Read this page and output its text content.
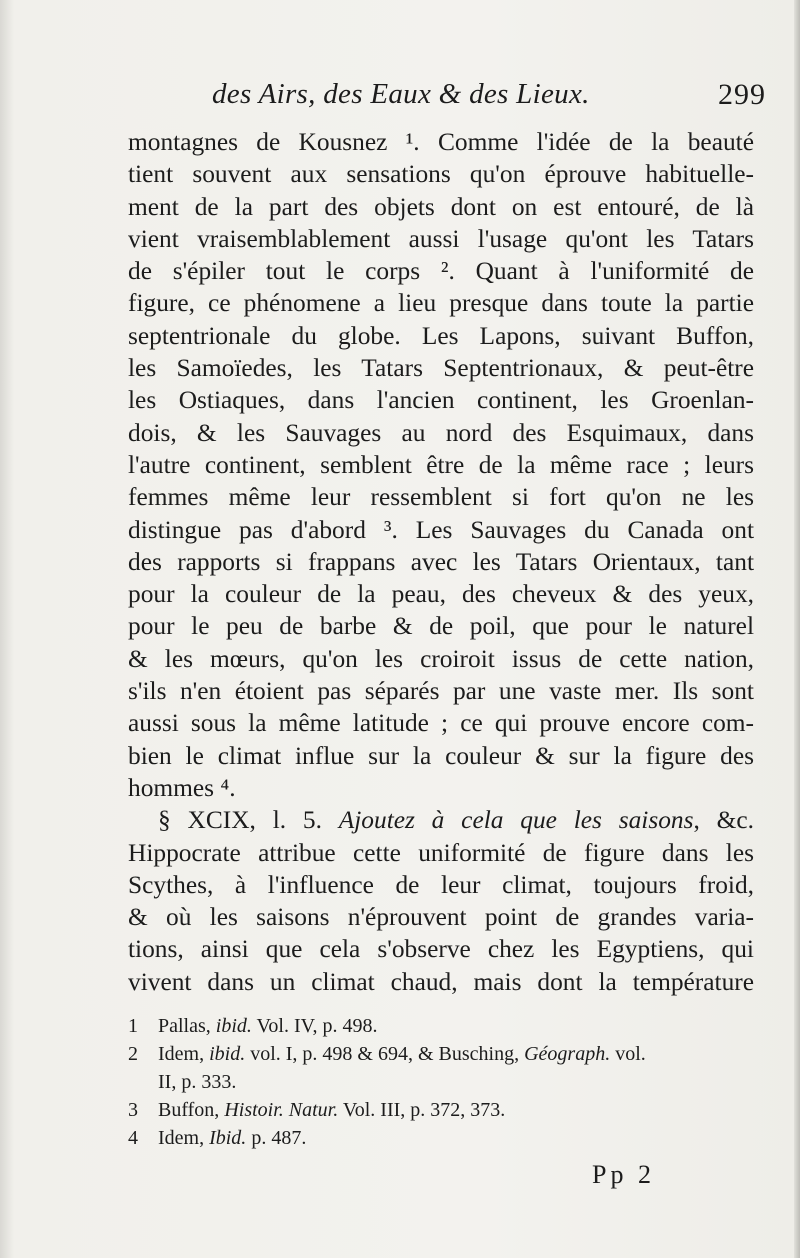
des Airs, des Eaux & des Lieux.	299
montagnes de Kousnez ¹. Comme l'idée de la beauté
tient souvent aux sensations qu'on éprouve habituelle-
ment de la part des objets dont on est entouré, de là
vient vraisemblablement aussi l'usage qu'ont les Tatars
de s'épiler tout le corps ². Quant à l'uniformité de
figure, ce phénomene a lieu presque dans toute la partie
septentrionale du globe. Les Lapons, suivant Buffon,
les Samoïedes, les Tatars Septentrionaux, & peut-être
les Ostiaques, dans l'ancien continent, les Groenlan-
dois, & les Sauvages au nord des Esquimaux, dans
l'autre continent, semblent être de la même race ; leurs
femmes même leur ressemblent si fort qu'on ne les
distingue pas d'abord ³. Les Sauvages du Canada ont
des rapports si frappans avec les Tatars Orientaux, tant
pour la couleur de la peau, des cheveux & des yeux,
pour le peu de barbe & de poil, que pour le naturel
& les mœurs, qu'on les croiroit issus de cette nation,
s'ils n'en étoient pas séparés par une vaste mer. Ils sont
aussi sous la même latitude ; ce qui prouve encore com-
bien le climat influe sur la couleur & sur la figure des
hommes ⁴.
§ XCIX, l. 5. Ajoutez à cela que les saisons, &c.
Hippocrate attribue cette uniformité de figure dans les
Scythes, à l'influence de leur climat, toujours froid,
& où les saisons n'éprouvent point de grandes varia-
tions, ainsi que cela s'observe chez les Egyptiens, qui
vivent dans un climat chaud, mais dont la température
1 Pallas, ibid. Vol. IV, p. 498.
2 Idem, ibid. vol. I, p. 498 & 694, & Busching, Géograph. vol.
II, p. 333.
3 Buffon, Histoir. Natur. Vol. III, p. 372, 373.
4 Idem, Ibid. p. 487.
Pp 2
